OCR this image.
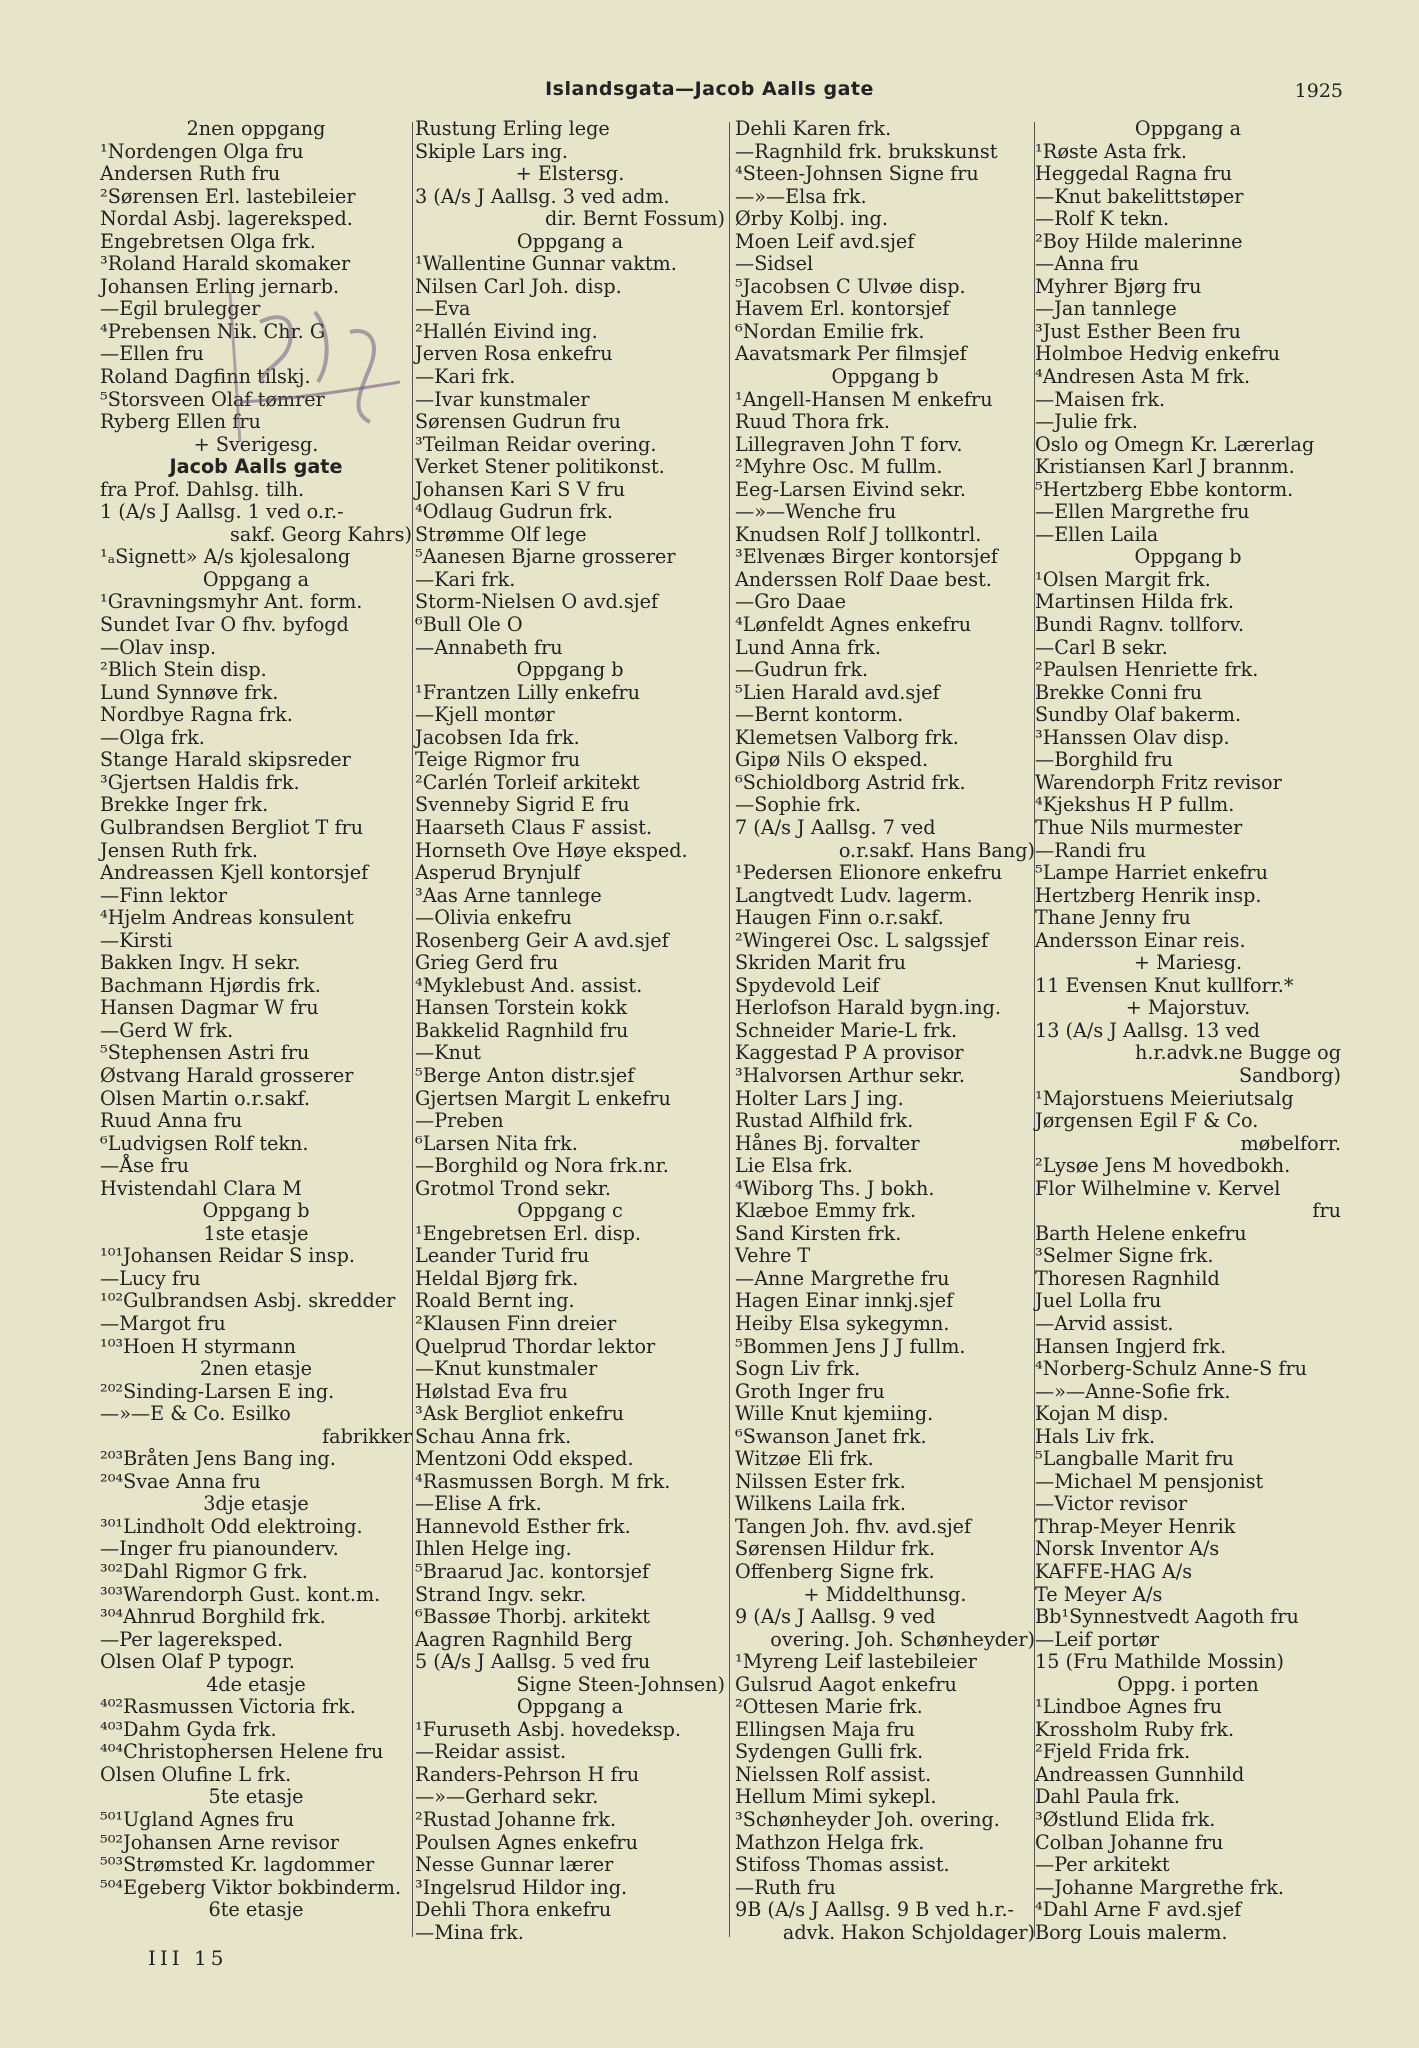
Islandsgata—Jacob Aalls gate	1925
2nen oppgang
¹Nordengen Olga fru
Andersen Ruth fru
²Sørensen Erl. lastebileier
Nordal Asbj. lagereksped.
Engebretsen Olga frk.
³Roland Harald skomaker
Johansen Erling jernarb.
—Egil brulegger
⁴Prebensen Nik. Chr. G
—Ellen fru
Roland Dagfinn tilskj.
⁵Storsveen Olaf tømrer
Ryberg Ellen fru
+ Sverigesg.
Jacob Aalls gate
fra Prof. Dahlsg. tilh.
1 (A/s J Aallsg. 1 ved o.r.-
sakf. Georg Kahrs)
¹ₐSignett» A/s kjolesalong
Oppgang a
¹Gravningsmyhr Ant. form.
Sundet Ivar O fhv. byfogd
—Olav insp.
²Blich Stein disp.
Lund Synnøve frk.
Nordbye Ragna frk.
—Olga frk.
Stange Harald skipsreder
³Gjertsen Haldis frk.
Brekke Inger frk.
Gulbrandsen Bergliot T fru
Jensen Ruth frk.
Andreassen Kjell kontorsjef
—Finn lektor
⁴Hjelm Andreas konsulent
—Kirsti
Bakken Ingv. H sekr.
Bachmann Hjørdis frk.
Hansen Dagmar W fru
—Gerd W frk.
⁵Stephensen Astri fru
Østvang Harald grosserer
Olsen Martin o.r.sakf.
Ruud Anna fru
⁶Ludvigsen Rolf tekn.
—Åse fru
Hvistendahl Clara M
Oppgang b
1ste etasje
¹⁰¹Johansen Reidar S insp.
—Lucy fru
¹⁰²Gulbrandsen Asbj. skredder
—Margot fru
¹⁰³Hoen H styrmann
2nen etasje
²⁰²Sinding-Larsen E ing.
—»—E & Co. Esilko
fabrikker
²⁰³Bråten Jens Bang ing.
²⁰⁴Svae Anna fru
3dje etasje
³⁰¹Lindholt Odd elektroing.
—Inger fru pianounderv.
³⁰²Dahl Rigmor G frk.
³⁰³Warendorph Gust. kont.m.
³⁰⁴Ahnrud Borghild frk.
—Per lagereksped.
Olsen Olaf P typogr.
4de etasje
⁴⁰²Rasmussen Victoria frk.
⁴⁰³Dahm Gyda frk.
⁴⁰⁴Christophersen Helene fru
Olsen Olufine L frk.
5te etasje
⁵⁰¹Ugland Agnes fru
⁵⁰²Johansen Arne revisor
⁵⁰³Strømsted Kr. lagdommer
⁵⁰⁴Egeberg Viktor bokbinderm.
6te etasje
Rustung Erling lege
Skiple Lars ing.
+ Elstersg.
3 (A/s J Aallsg. 3 ved adm.
dir. Bernt Fossum)
Oppgang a
¹Wallentine Gunnar vaktm.
Nilsen Carl Joh. disp.
—Eva
²Hallén Eivind ing.
Jerven Rosa enkefru
—Kari frk.
—Ivar kunstmaler
Sørensen Gudrun fru
³Teilman Reidar overing.
Verket Stener politikonst.
Johansen Kari S V fru
⁴Odlaug Gudrun frk.
Strømme Olf lege
⁵Aanesen Bjarne grosserer
—Kari frk.
Storm-Nielsen O avd.sjef
⁶Bull Ole O
—Annabeth fru
Oppgang b
¹Frantzen Lilly enkefru
—Kjell montør
Jacobsen Ida frk.
Teige Rigmor fru
²Carlén Torleif arkitekt
Svenneby Sigrid E fru
Haarseth Claus F assist.
Hornseth Ove Høye eksped.
Asperud Brynjulf
³Aas Arne tannlege
—Olivia enkefru
Rosenberg Geir A avd.sjef
Grieg Gerd fru
⁴Myklebust And. assist.
Hansen Torstein kokk
Bakkelid Ragnhild fru
—Knut
⁵Berge Anton distr.sjef
Gjertsen Margit L enkefru
—Preben
⁶Larsen Nita frk.
—Borghild og Nora frk.nr.
Grotmol Trond sekr.
Oppgang c
¹Engebretsen Erl. disp.
Leander Turid fru
Heldal Bjørg frk.
Roald Bernt ing.
²Klausen Finn dreier
Quelprud Thordar lektor
—Knut kunstmaler
Hølstad Eva fru
³Ask Bergliot enkefru
Schau Anna frk.
Mentzoni Odd eksped.
⁴Rasmussen Borgh. M frk.
—Elise A frk.
Hannevold Esther frk.
Ihlen Helge ing.
⁵Braarud Jac. kontorsjef
Strand Ingv. sekr.
⁶Bassøe Thorbj. arkitekt
Aagren Ragnhild Berg
5 (A/s J Aallsg. 5 ved fru
Signe Steen-Johnsen)
Oppgang a
¹Furuseth Asbj. hovedeksp.
—Reidar assist.
Randers-Pehrson H fru
—»—Gerhard sekr.
²Rustad Johanne frk.
Poulsen Agnes enkefru
Nesse Gunnar lærer
³Ingelsrud Hildor ing.
Dehli Thora enkefru
—Mina frk.
Dehli Karen frk.
—Ragnhild frk. brukskunst
⁴Steen-Johnsen Signe fru
—»—Elsa frk.
Ørby Kolbj. ing.
Moen Leif avd.sjef
—Sidsel
⁵Jacobsen C Ulvøe disp.
Havem Erl. kontorsjef
⁶Nordan Emilie frk.
Aavatsmark Per filmsjef
Oppgang b
¹Angell-Hansen M enkefru
Ruud Thora frk.
Lillegraven John T forv.
²Myhre Osc. M fullm.
Eeg-Larsen Eivind sekr.
—»—Wenche fru
Knudsen Rolf J tollkontrl.
³Elvenæs Birger kontorsjef
Anderssen Rolf Daae best.
—Gro Daae
⁴Lønfeldt Agnes enkefru
Lund Anna frk.
—Gudrun frk.
⁵Lien Harald avd.sjef
—Bernt kontorm.
Klemetsen Valborg frk.
Gipø Nils O eksped.
⁶Schioldborg Astrid frk.
—Sophie frk.
7 (A/s J Aallsg. 7 ved
o.r.sakf. Hans Bang)
¹Pedersen Elionore enkefru
Langtvedt Ludv. lagerm.
Haugen Finn o.r.sakf.
²Wingerei Osc. L salgssjef
Skriden Marit fru
Spydevold Leif
Herlofson Harald bygn.ing.
Schneider Marie-L frk.
Kaggestad P A provisor
³Halvorsen Arthur sekr.
Holter Lars J ing.
Rustad Alfhild frk.
Hånes Bj. forvalter
Lie Elsa frk.
⁴Wiborg Ths. J bokh.
Klæboe Emmy frk.
Sand Kirsten frk.
Vehre T
—Anne Margrethe fru
Hagen Einar innkj.sjef
Heiby Elsa sykegymn.
⁵Bommen Jens J J fullm.
Sogn Liv frk.
Groth Inger fru
Wille Knut kjemiing.
⁶Swanson Janet frk.
Witzøe Eli frk.
Nilssen Ester frk.
Wilkens Laila frk.
Tangen Joh. fhv. avd.sjef
Sørensen Hildur frk.
Offenberg Signe frk.
+ Middelthunsg.
9 (A/s J Aallsg. 9 ved
overing. Joh. Schønheyder)
¹Myreng Leif lastebileier
Gulsrud Aagot enkefru
²Ottesen Marie frk.
Ellingsen Maja fru
Sydengen Gulli frk.
Nielssen Rolf assist.
Hellum Mimi sykepl.
³Schønheyder Joh. overing.
Mathzon Helga frk.
Stifoss Thomas assist.
—Ruth fru
9B (A/s J Aallsg. 9 B ved h.r.-
advk. Hakon Schjoldager)
Oppgang a
¹Røste Asta frk.
Heggedal Ragna fru
—Knut bakelittstøper
—Rolf K tekn.
²Boy Hilde malerinne
—Anna fru
Myhrer Bjørg fru
—Jan tannlege
³Just Esther Been fru
Holmboe Hedvig enkefru
⁴Andresen Asta M frk.
—Maisen frk.
—Julie frk.
Oslo og Omegn Kr. Lærerlag
Kristiansen Karl J brannm.
⁵Hertzberg Ebbe kontorm.
—Ellen Margrethe fru
—Ellen Laila
Oppgang b
¹Olsen Margit frk.
Martinsen Hilda frk.
Bundi Ragnv. tollforv.
—Carl B sekr.
²Paulsen Henriette frk.
Brekke Conni fru
Sundby Olaf bakerm.
³Hanssen Olav disp.
—Borghild fru
Warendorph Fritz revisor
⁴Kjekshus H P fullm.
Thue Nils murmester
—Randi fru
⁵Lampe Harriet enkefru
Hertzberg Henrik insp.
Thane Jenny fru
Andersson Einar reis.
+ Mariesg.
11 Evensen Knut kullforr.*
+ Majorstuv.
13 (A/s J Aallsg. 13 ved
h.r.advk.ne Bugge og
Sandborg)
¹Majorstuens Meieriutsalg
Jørgensen Egil F & Co.
møbelforr.
²Lysøe Jens M hovedbokh.
Flor Wilhelmine v. Kervel
fru
Barth Helene enkefru
³Selmer Signe frk.
Thoresen Ragnhild
Juel Lolla fru
—Arvid assist.
Hansen Ingjerd frk.
⁴Norberg-Schulz Anne-S fru
—»—Anne-Sofie frk.
Kojan M disp.
Hals Liv frk.
⁵Langballe Marit fru
—Michael M pensjonist
—Victor revisor
Thrap-Meyer Henrik
Norsk Inventor A/s
KAFFE-HAG A/s
Te Meyer A/s
Bb¹Synnestvedt Aagoth fru
—Leif portør
15 (Fru Mathilde Mossin)
Oppg. i porten
¹Lindboe Agnes fru
Krossholm Ruby frk.
²Fjeld Frida frk.
Andreassen Gunnhild
Dahl Paula frk.
³Østlund Elida frk.
Colban Johanne fru
—Per arkitekt
—Johanne Margrethe frk.
⁴Dahl Arne F avd.sjef
Borg Louis malerm.
III 15
